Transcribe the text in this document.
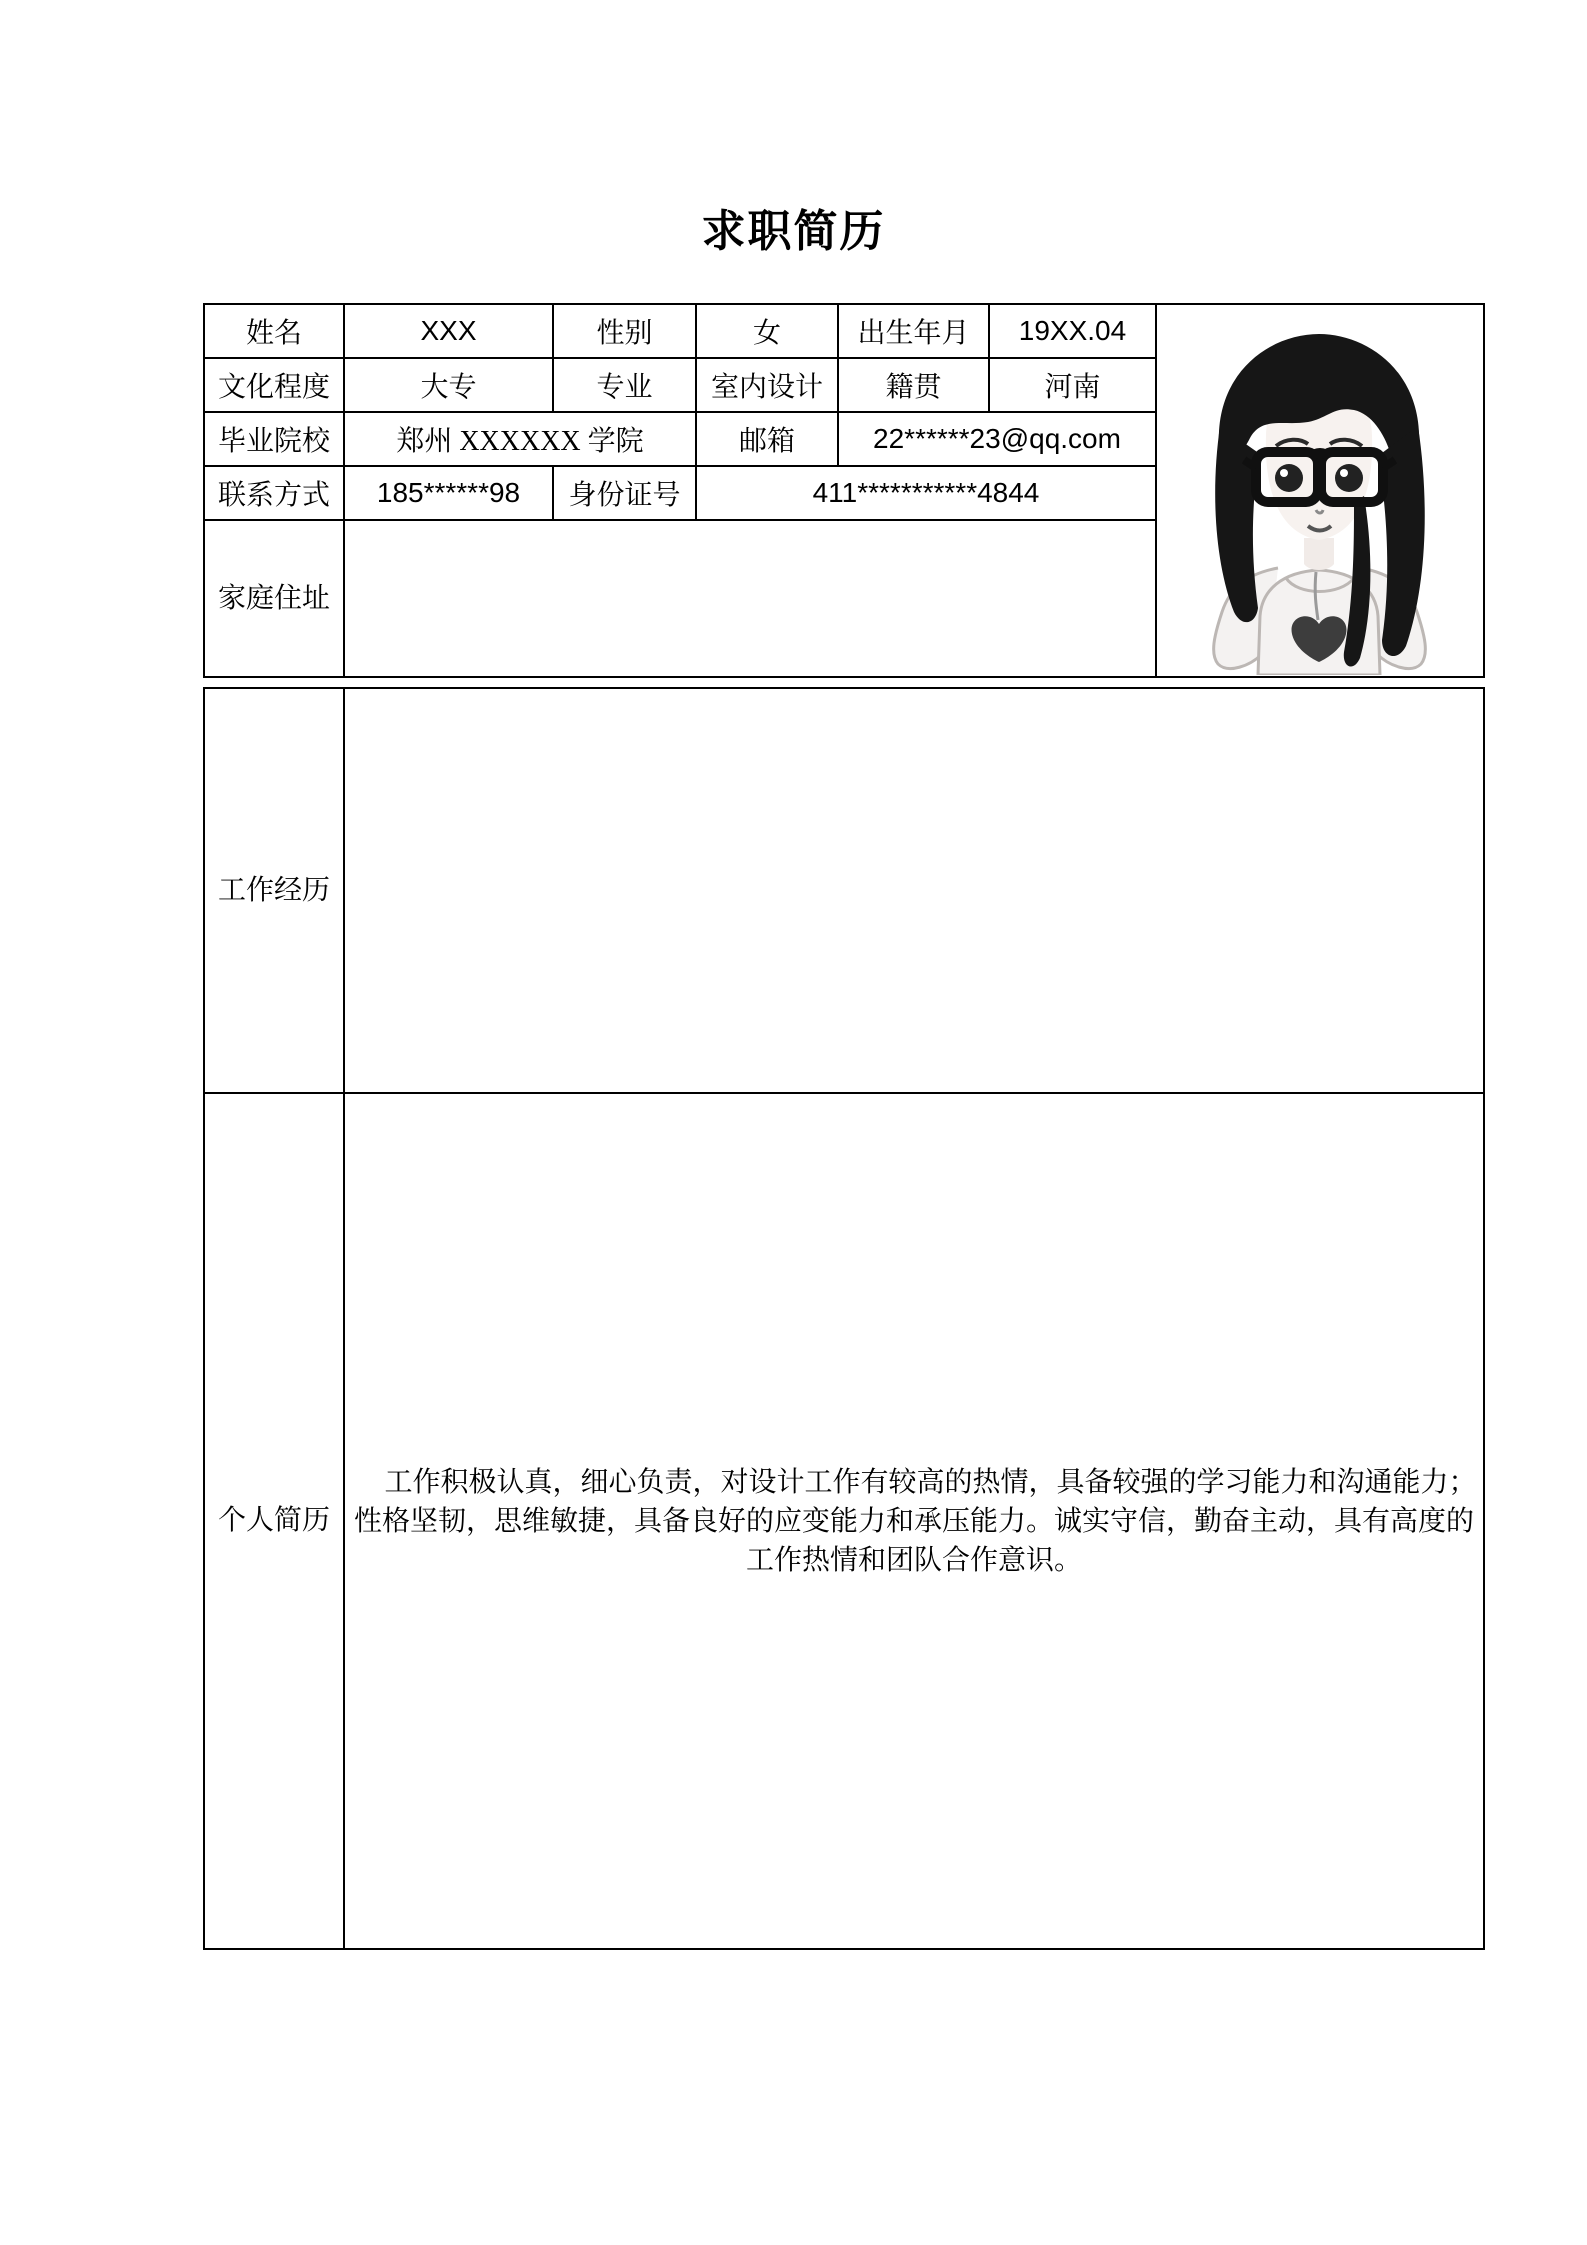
求职简历
姓名	XXX	性别	女	出生年月	19XX.04	

文化程度	大专	专业	室内设计	籍贯	河南	
毕业院校	郑州 XXXXXX 学院		邮箱	22******23@qq.com		
联系方式	185******98	身份证号	411***********4844			
家庭住址						
工作经历	
个人简历	工作积极认真，细心负责，对设计工作有较高的热情，具备较强的学习能力和沟通能力；性格坚韧，思维敏捷，具备良好的应变能力和承压能力。诚实守信，勤奋主动，具有高度的工作热情和团队合作意识。
